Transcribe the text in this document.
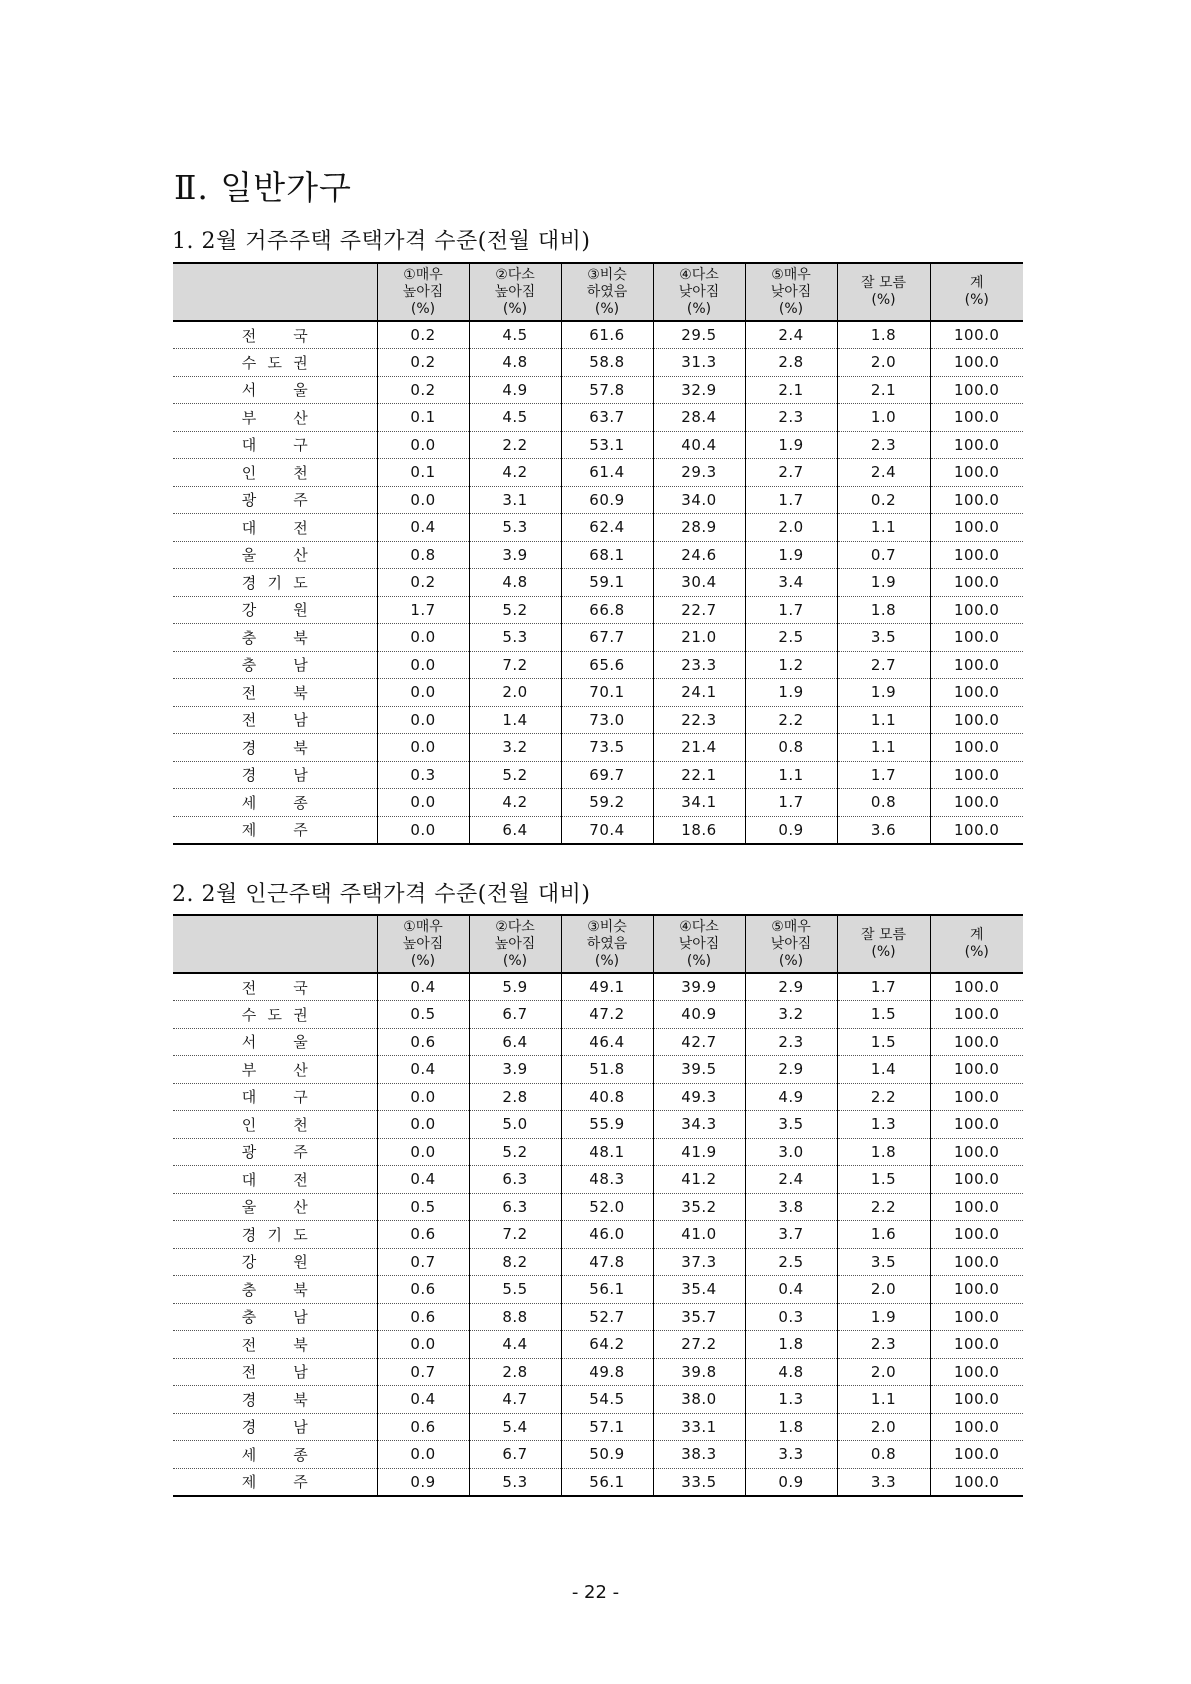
Ⅱ. 일반가구
1. 2월 거주주택 주택가격 수준(전월 대비)

	①매우
높아짐
(%)	②다소
높아짐
(%)	③비슷
하였음
(%)	④다소
낮아짐
(%)	⑤매우
낮아짐
(%)	잘 모름
(%)	계
(%)

전 국	0.2	4.5	61.6	29.5	2.4	1.8	100.0

수 도 권	0.2	4.8	58.8	31.3	2.8	2.0	100.0

서 울	0.2	4.9	57.8	32.9	2.1	2.1	100.0

부 산	0.1	4.5	63.7	28.4	2.3	1.0	100.0

대 구	0.0	2.2	53.1	40.4	1.9	2.3	100.0

인 천	0.1	4.2	61.4	29.3	2.7	2.4	100.0

광 주	0.0	3.1	60.9	34.0	1.7	0.2	100.0

대 전	0.4	5.3	62.4	28.9	2.0	1.1	100.0

울 산	0.8	3.9	68.1	24.6	1.9	0.7	100.0

경 기 도	0.2	4.8	59.1	30.4	3.4	1.9	100.0

강 원	1.7	5.2	66.8	22.7	1.7	1.8	100.0

충 북	0.0	5.3	67.7	21.0	2.5	3.5	100.0

충 남	0.0	7.2	65.6	23.3	1.2	2.7	100.0

전 북	0.0	2.0	70.1	24.1	1.9	1.9	100.0

전 남	0.0	1.4	73.0	22.3	2.2	1.1	100.0

경 북	0.0	3.2	73.5	21.4	0.8	1.1	100.0

경 남	0.3	5.2	69.7	22.1	1.1	1.7	100.0

세 종	0.0	4.2	59.2	34.1	1.7	0.8	100.0

제 주	0.0	6.4	70.4	18.6	0.9	3.6	100.0
2. 2월 인근주택 주택가격 수준(전월 대비)

	①매우
높아짐
(%)	②다소
높아짐
(%)	③비슷
하였음
(%)	④다소
낮아짐
(%)	⑤매우
낮아짐
(%)	잘 모름
(%)	계
(%)

전 국	0.4	5.9	49.1	39.9	2.9	1.7	100.0

수 도 권	0.5	6.7	47.2	40.9	3.2	1.5	100.0

서 울	0.6	6.4	46.4	42.7	2.3	1.5	100.0

부 산	0.4	3.9	51.8	39.5	2.9	1.4	100.0

대 구	0.0	2.8	40.8	49.3	4.9	2.2	100.0

인 천	0.0	5.0	55.9	34.3	3.5	1.3	100.0

광 주	0.0	5.2	48.1	41.9	3.0	1.8	100.0

대 전	0.4	6.3	48.3	41.2	2.4	1.5	100.0

울 산	0.5	6.3	52.0	35.2	3.8	2.2	100.0

경 기 도	0.6	7.2	46.0	41.0	3.7	1.6	100.0

강 원	0.7	8.2	47.8	37.3	2.5	3.5	100.0

충 북	0.6	5.5	56.1	35.4	0.4	2.0	100.0

충 남	0.6	8.8	52.7	35.7	0.3	1.9	100.0

전 북	0.0	4.4	64.2	27.2	1.8	2.3	100.0

전 남	0.7	2.8	49.8	39.8	4.8	2.0	100.0

경 북	0.4	4.7	54.5	38.0	1.3	1.1	100.0

경 남	0.6	5.4	57.1	33.1	1.8	2.0	100.0

세 종	0.0	6.7	50.9	38.3	3.3	0.8	100.0

제 주	0.9	5.3	56.1	33.5	0.9	3.3	100.0
- 22 -
